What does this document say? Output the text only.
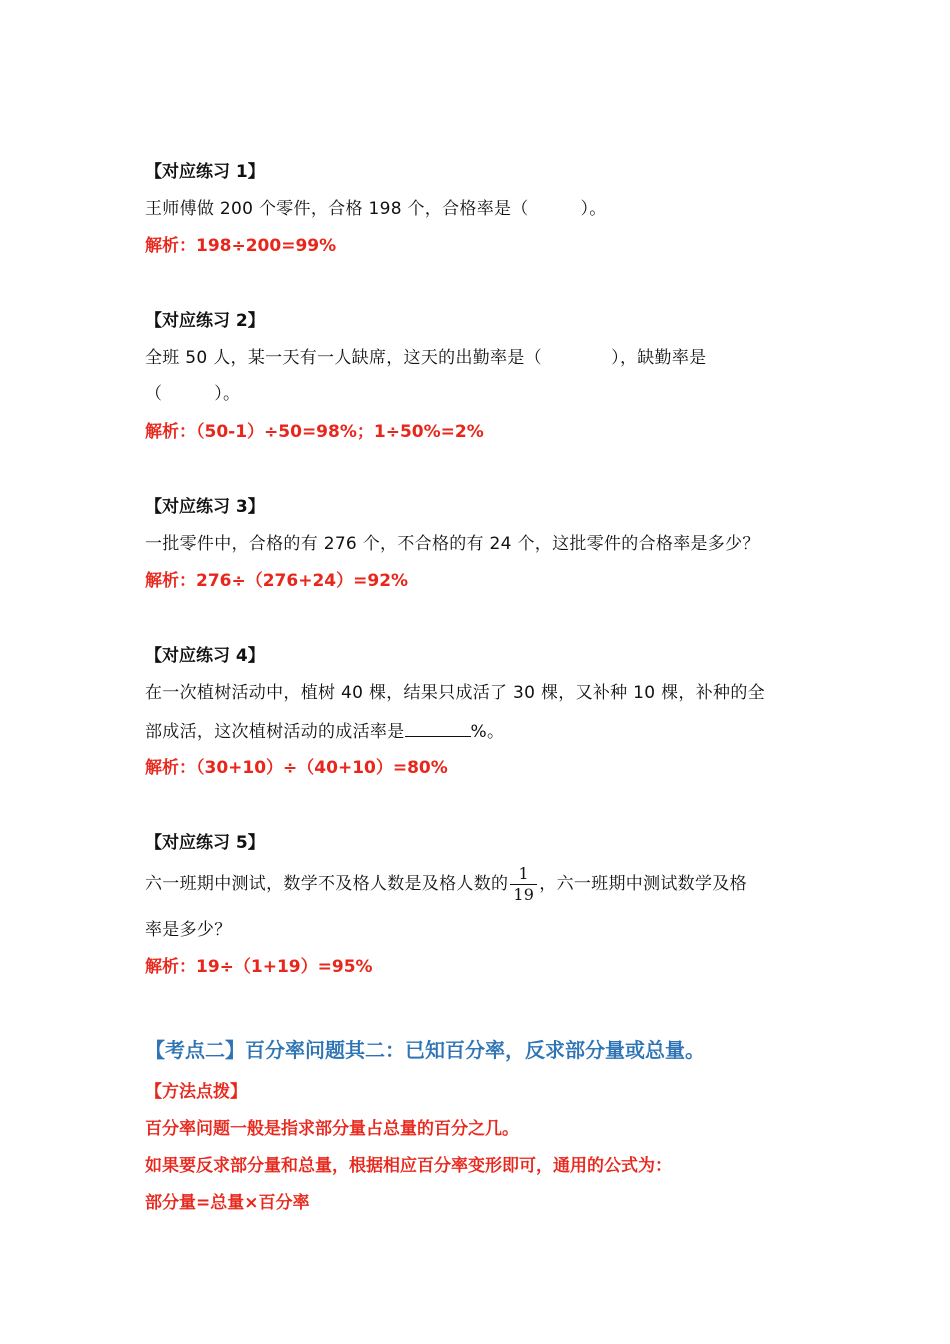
【对应练习 1】
王师傅做 200 个零件，合格 198 个，合格率是（　　　）。
解析：198÷200=99%
【对应练习 2】
全班 50 人，某一天有一人缺席，这天的出勤率是（　　　　），缺勤率是
（　　　）。
解析：（50-1）÷50=98%；1÷50%=2%
【对应练习 3】
一批零件中，合格的有 276 个，不合格的有 24 个，这批零件的合格率是多少？
解析：276÷（276+24）=92%
【对应练习 4】
在一次植树活动中，植树 40 棵，结果只成活了 30 棵，又补种 10 棵，补种的全
部成活，这次植树活动的成活率是	%。
解析：（30+10）÷（40+10）=80%
【对应练习 5】
六一班期中测试，数学不及格人数是及格人数的 $\frac{1}{19}$ ，六一班期中测试数学及格
率是多少？
解析：19÷（1+19）=95%
【考点二】百分率问题其二：已知百分率，反求部分量或总量。
【方法点拨】
百分率问题一般是指求部分量占总量的百分之几。
如果要反求部分量和总量，根据相应百分率变形即可，通用的公式为：
部分量=总量×百分率
